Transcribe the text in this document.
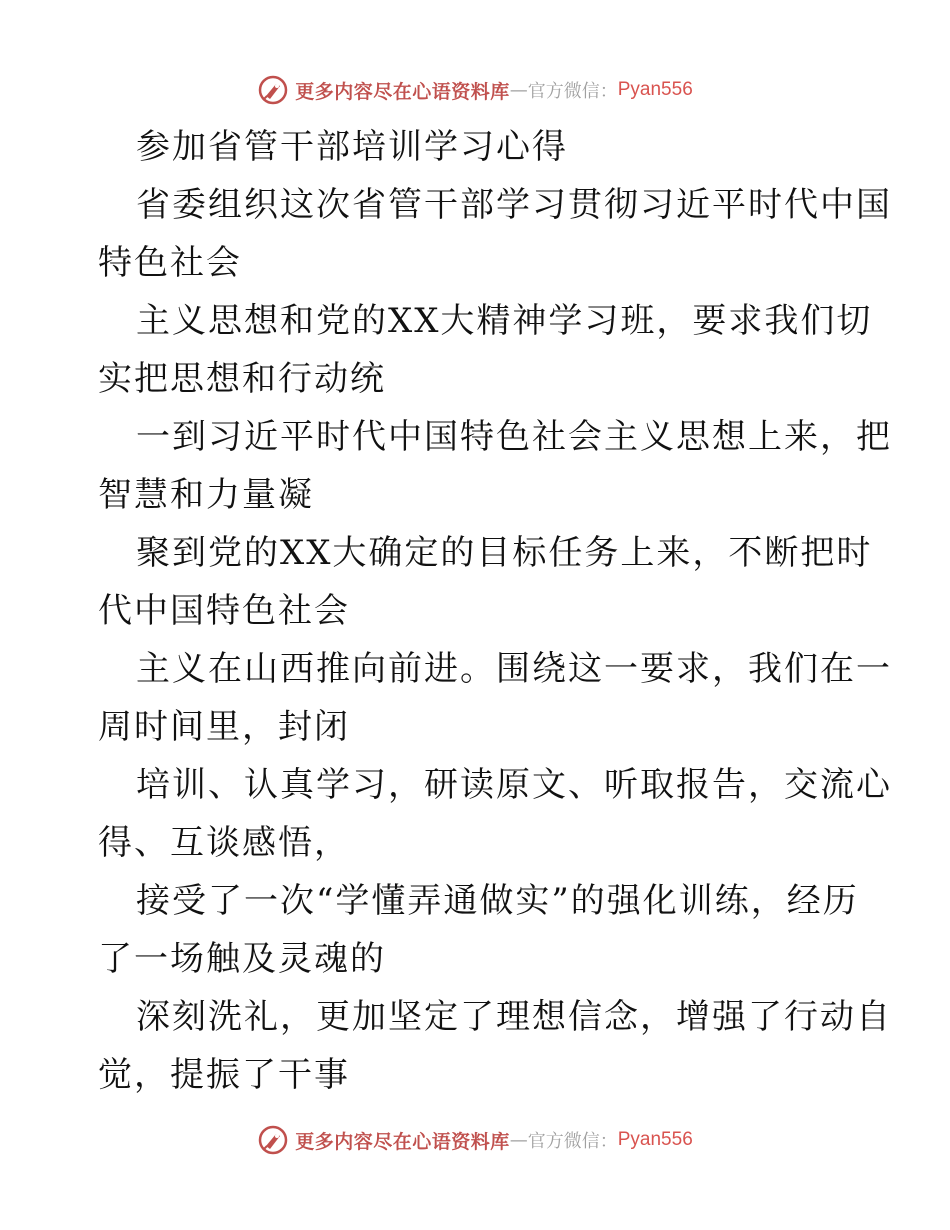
更多内容尽在心语资料库 — 官方微信： Pyan556
参加省管干部培训学习心得
省委组织这次省管干部学习贯彻习近平时代中国
特色社会
主义思想和党的XX大精神学习班，要求我们切
实把思想和行动统
一到习近平时代中国特色社会主义思想上来，把
智慧和力量凝
聚到党的XX大确定的目标任务上来，不断把时
代中国特色社会
主义在山西推向前进。围绕这一要求，我们在一
周时间里，封闭
培训、认真学习，研读原文、听取报告，交流心
得、互谈感悟，
接受了一次“学懂弄通做实”的强化训练，经历
了一场触及灵魂的
深刻洗礼，更加坚定了理想信念，增强了行动自
觉，提振了干事
更多内容尽在心语资料库 — 官方微信： Pyan556
